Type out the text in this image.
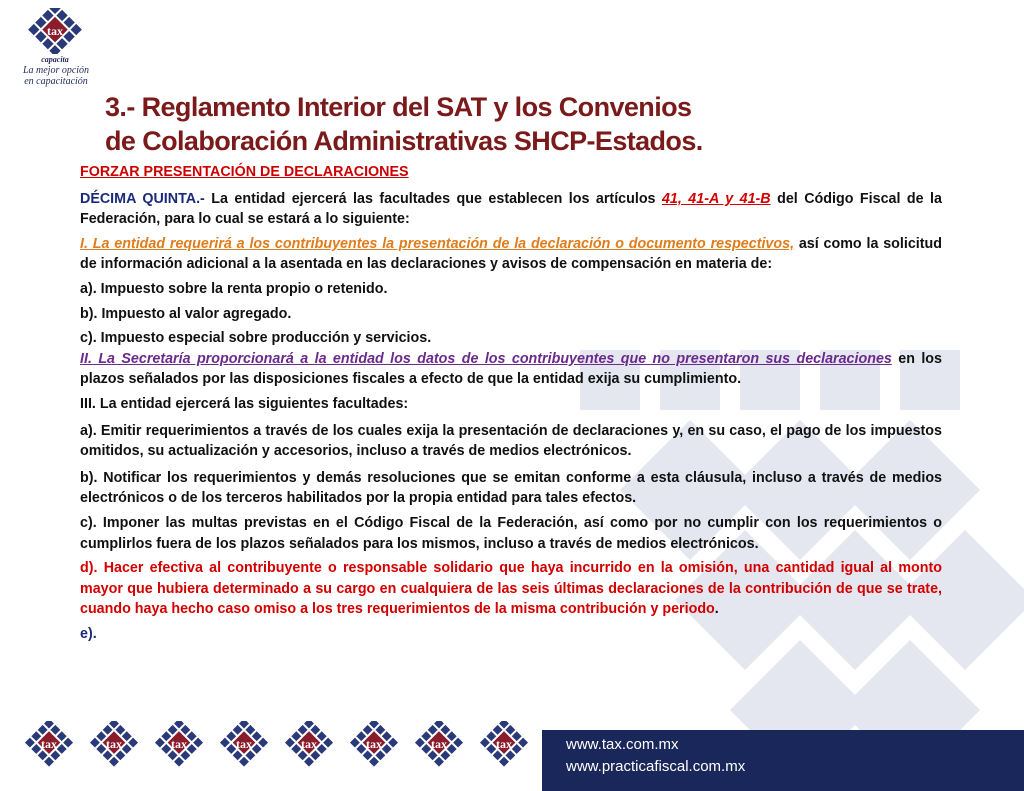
tax
capacita
La mejor opción
en capacitación
3.- Reglamento Interior del SAT y los Convenios
de Colaboración Administrativas SHCP-Estados.

FORZAR PRESENTACIÓN DE DECLARACIONES

DÉCIMA QUINTA.- La entidad ejercerá las facultades que establecen los artículos 41, 41-A y 41-B del Código Fiscal de la Federación, para lo cual se estará a lo siguiente:

I. La entidad requerirá a los contribuyentes la presentación de la declaración o documento respectivos, así como la solicitud de información adicional a la asentada en las declaraciones y avisos de compensación en materia de:

a). Impuesto sobre la renta propio o retenido.

b). Impuesto al valor agregado.

c). Impuesto especial sobre producción y servicios.

II. La Secretaría proporcionará a la entidad los datos de los contribuyentes que no presentaron sus declaraciones en los plazos señalados por las disposiciones fiscales a efecto de que la entidad exija su cumplimiento.

III. La entidad ejercerá las siguientes facultades:

a). Emitir requerimientos a través de los cuales exija la presentación de declaraciones y, en su caso, el pago de los impuestos omitidos, su actualización y accesorios, incluso a través de medios electrónicos.

b). Notificar los requerimientos y demás resoluciones que se emitan conforme a esta cláusula, incluso a través de medios electrónicos o de los terceros habilitados por la propia entidad para tales efectos.

c). Imponer las multas previstas en el Código Fiscal de la Federación, así como por no cumplir con los requerimientos o cumplirlos fuera de los plazos señalados para los mismos, incluso a través de medios electrónicos.

d). Hacer efectiva al contribuyente o responsable solidario que haya incurrido en la omisión, una cantidad igual al monto mayor que hubiera determinado a su cargo en cualquiera de las seis últimas declaraciones de la contribución de que se trate, cuando haya hecho caso omiso a los tres requerimientos de la misma contribución y periodo.

e).

tax	tax	tax	tax	tax	tax	tax	tax	www.tax.com.mx
www.practicafiscal.com.mx
